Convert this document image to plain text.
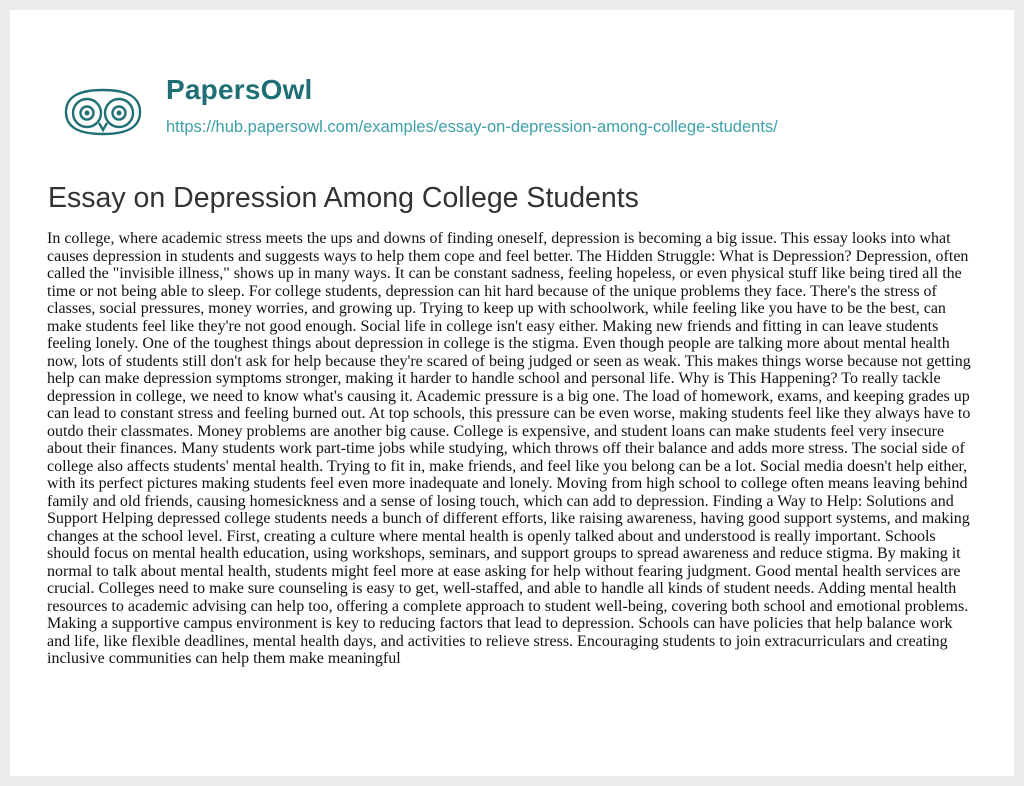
PapersOwl
https://hub.papersowl.com/examples/essay-on-depression-among-college-students/
Essay on Depression Among College Students

In college, where academic stress meets the ups and downs of finding oneself, depression is becoming a big issue. This essay looks into what causes depression in students and suggests ways to help them cope and feel better. The Hidden Struggle: What is Depression? Depression, often called the "invisible illness," shows up in many ways. It can be constant sadness, feeling hopeless, or even physical stuff like being tired all the time or not being able to sleep. For college students, depression can hit hard because of the unique problems they face. There's the stress of classes, social pressures, money worries, and growing up. Trying to keep up with schoolwork, while feeling like you have to be the best, can make students feel like they're not good enough. Social life in college isn't easy either. Making new friends and fitting in can leave students feeling lonely. One of the toughest things about depression in college is the stigma. Even though people are talking more about mental health now, lots of students still don't ask for help because they're scared of being judged or seen as weak. This makes things worse because not getting help can make depression symptoms stronger, making it harder to handle school and personal life. Why is This Happening? To really tackle depression in college, we need to know what's causing it. Academic pressure is a big one. The load of homework, exams, and keeping grades up can lead to constant stress and feeling burned out. At top schools, this pressure can be even worse, making students feel like they always have to outdo their classmates. Money problems are another big cause. College is expensive, and student loans can make students feel very insecure about their finances. Many students work part-time jobs while studying, which throws off their balance and adds more stress. The social side of college also affects students' mental health. Trying to fit in, make friends, and feel like you belong can be a lot. Social media doesn't help either, with its perfect pictures making students feel even more inadequate and lonely. Moving from high school to college often means leaving behind family and old friends, causing homesickness and a sense of losing touch, which can add to depression. Finding a Way to Help: Solutions and Support Helping depressed college students needs a bunch of different efforts, like raising awareness, having good support systems, and making changes at the school level. First, creating a culture where mental health is openly talked about and understood is really important. Schools should focus on mental health education, using workshops, seminars, and support groups to spread awareness and reduce stigma. By making it normal to talk about mental health, students might feel more at ease asking for help without fearing judgment. Good mental health services are crucial. Colleges need to make sure counseling is easy to get, well-staffed, and able to handle all kinds of student needs. Adding mental health resources to academic advising can help too, offering a complete approach to student well-being, covering both school and emotional problems. Making a supportive campus environment is key to reducing factors that lead to depression. Schools can have policies that help balance work and life, like flexible deadlines, mental health days, and activities to relieve stress. Encouraging students to join extracurriculars and creating inclusive communities can help them make meaningful
